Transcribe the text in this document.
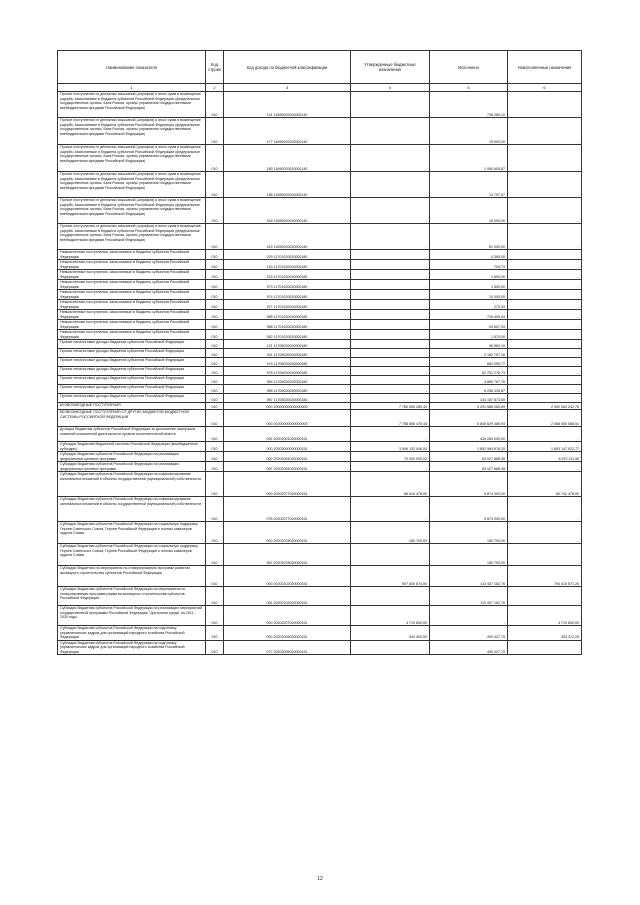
· · · · · · · ·
Наименование показателя	Код строки	Код дохода по бюджетной классификации	Утвержденные бюджетные назначения	Исполнено	Неисполненные назначения
1	2	3	4	5	6
Прочие поступления от денежных взысканий (штрафов) и иных сумм в возмещение ущерба, зачисляемые в бюджеты субъектов Российской Федерации (федеральные государственные органы, Банк России, органы управления государственными внебюджетными фондами Российской Федерации)	010	141 11690020020000140	-	738 283,10	-
Прочие поступления от денежных взысканий (штрафов) и иных сумм в возмещение ущерба, зачисляемые в бюджеты субъектов Российской Федерации (федеральные государственные органы, Банк России, органы управления государственными внебюджетными фондами Российской Федерации)	010	177 11690020020000140	-	19 000,00	-
Прочие поступления от денежных взысканий (штрафов) и иных сумм в возмещение ущерба, зачисляемые в бюджеты субъектов Российской Федерации (федеральные государственные органы, Банк России, органы управления государственными внебюджетными фондами Российской Федерации)	010	180 11690020020000140	-	1 950 605,87	-
Прочие поступления от денежных взысканий (штрафов) и иных сумм в возмещение ущерба, зачисляемые в бюджеты субъектов Российской Федерации (федеральные государственные органы, Банк России, органы управления государственными внебюджетными фондами Российской Федерации)	010	188 11690020020000140	-	13 797,07	-
Прочие поступления от денежных взысканий (штрафов) и иных сумм в возмещение ущерба, зачисляемые в бюджеты субъектов Российской Федерации (федеральные государственные органы, Банк России, органы управления государственными внебюджетными фондами Российской Федерации)	010	318 11690020020000140	-	15 000,00	-
Прочие поступления от денежных взысканий (штрафов) и иных сумм в возмещение ущерба, зачисляемые в бюджеты субъектов Российской Федерации (федеральные государственные органы, Банк России, органы управления государственными внебюджетными фондами Российской Федерации)	010	415 11690020020000140	-	61 000,00	-
Невыясненные поступления, зачисляемые в бюджеты субъектов Российской Федерации	010	029 11701020020000180	-	-4 365,00	-
Невыясненные поступления, зачисляемые в бюджеты субъектов Российской Федерации	010	153 11701020020000180	-	709,74	-
Невыясненные поступления, зачисляемые в бюджеты субъектов Российской Федерации	010	243 11701020020000180	-	1 600,00	-
Невыясненные поступления, зачисляемые в бюджеты субъектов Российской Федерации	010	973 11701020020000180	-	1 500,00	-
Невыясненные поступления, зачисляемые в бюджеты субъектов Российской Федерации	010	974 11701020020000180	-	10 000,00	-
Невыясненные поступления, зачисляемые в бюджеты субъектов Российской Федерации	010	977 11701020020000180	-	270,33	-
Невыясненные поступления, зачисляемые в бюджеты субъектов Российской Федерации	010	985 11701020020000180	-	716 409,44	-
Невыясненные поступления, зачисляемые в бюджеты субъектов Российской Федерации	010	988 11701020020000180	-	94 607,33	-
Невыясненные поступления, зачисляемые в бюджеты субъектов Российской Федерации	010	062 11701020020000180	-	1 870,00	-
Прочие неналоговые доходы бюджетов субъектов Российской Федерации	010	121 11705020020000180	-	96 963,10	-
Прочие неналоговые доходы бюджетов субъектов Российской Федерации	010	321 11705020020000180	-	2 182 797,16	-
Прочие неналоговые доходы бюджетов субъектов Российской Федерации	010	974 11705020020000180	-	882 090,77	-
Прочие неналоговые доходы бюджетов субъектов Российской Федерации	010	978 11705020020000180	-	52 751 276,73	-
Прочие неналоговые доходы бюджетов субъектов Российской Федерации	010	984 11705020020000180	-	3 869 767,76	-
Прочие неналоговые доходы бюджетов субъектов Российской Федерации	010	985 11705020020000180	-	6 256 335,87	-
Прочие неналоговые доходы бюджетов субъектов Российской Федерации	010	987 11705020020000180	-	143 187 873,50	-
БЕЗВОЗМЕЗДНЫЕ ПОСТУПЛЕНИЯ	010	000 20000000000000000	7 780 650 289,40	5 291 586 265,69	2 492 064 242,78
БЕЗВОЗМЕЗДНЫЕ ПОСТУПЛЕНИЯ ОТ ДРУГИХ БЮДЖЕТОВ БЮДЖЕТНОЙ СИСТЕМЫ РОССИЙСКОЙ ФЕДЕРАЦИИ	010	000 20200000000000000	7 758 856 475,44	5 840 629 485,93	2 088 050 068,51
Дотации бюджетам субъектов Российской Федерации за достижение наилучших значений показателей деятельности органов исполнительной власти	010	092 20201001020000151	-	434 284 000,00	-
Субсидии бюджетам бюджетной системы Российской Федерации (межбюджетные субсидии)	010	000 20202000000000151	3 506 132 046,00	1 652 984 676,20	1 853 147 022,77
Субсидии бюджетам субъектов Российской Федерации на реализацию федеральных целевых программ	010	000 20202051020000151	70 000 000,00	63 027 888,45	6 972 111,55
Субсидии бюджетам субъектов Российской Федерации на реализацию федеральных целевых программ	010	087 20202051020000151	-	63 027 888,45	-
Субсидии бюджетам субъектов Российской Федерации на софинансирование капитальных вложений в объекты государственной (муниципальной) собственности	010	000 20202077020000151	86 616 478,00	5 874 000,00	80 742 478,00
Субсидии бюджетам субъектов Российской Федерации на софинансирование капитальных вложений в объекты государственной (муниципальной) собственности	010	078 20202077020000151	-	5 874 000,00	-
Субсидии бюджетам субъектов Российской Федерации на социальную поддержку Героев Советского Союза, Героев Российской Федерации и полных кавалеров ордена Славы	010	000 20202078020000151	150 700,00	150 700,00	-
Субсидии бюджетам субъектов Российской Федерации на социальную поддержку Героев Советского Союза, Героев Российской Федерации и полных кавалеров ордена Славы	010	987 20202078020000151	-	150 700,00	-
Субсидии бюджетам на мероприятия по стимулированию программ развития жилищного строительства субъектов Российской Федерации	010	000 20202102020000151	907 825 874,00	113 407 162,76	794 418 671,25
Субсидии бюджетам субъектов Российской Федерации на мероприятия по стимулированию программ развития жилищного строительства субъектов Российской Федерации	010	081 20202102020000151	-	113 407 162,76	-
Субсидии бюджетам субъектов Российской Федерации на реализацию мероприятий государственной программы Российской Федерации "Доступная среда" на 2011 - 2020 годы	010	000 20202207020000151	4 719 800,00	-	4 719 800,00
Субсидии бюджетам субъектов Российской Федерации на подготовку управленческих кадров для организаций народного хозяйства Российской Федерации	010	000 20202009020000151	944 400,00	490 027,75	453 372,25
Субсидии бюджетам субъектов Российской Федерации на подготовку управленческих кадров для организаций народного хозяйства Российской Федерации	010	077 20202009020000151	-	490 027,75	-
12
